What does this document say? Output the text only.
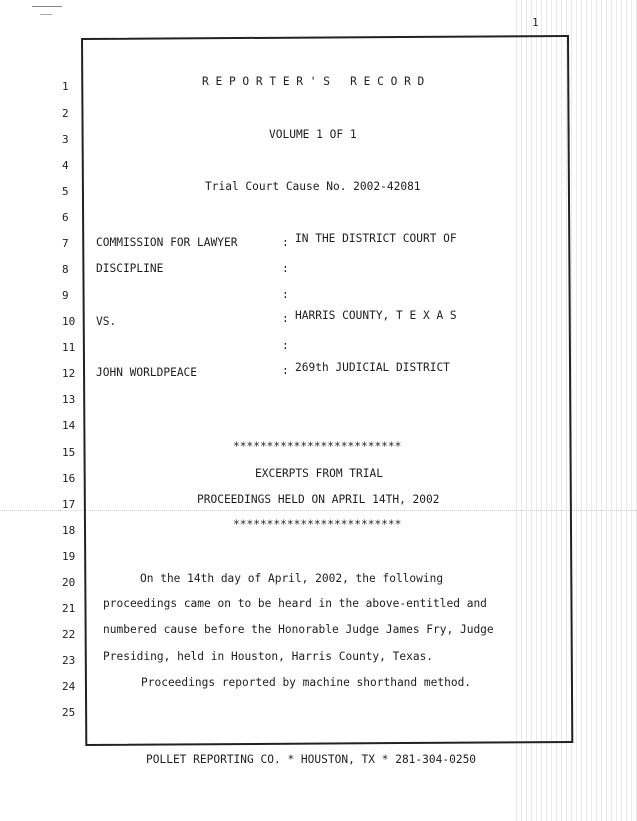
1
1
2
3
4
5
6
7
8
9
10
11
12
13
14
15
16
17
18
19
20
21
22
23
24
25
R E P O R T E R ' S   R E C O R D
VOLUME 1 OF 1
Trial Court Cause No. 2002-42081
COMMISSION FOR LAWYER	: IN THE DISTRICT COURT OF
DISCIPLINE	:
:
VS.	: HARRIS COUNTY, T E X A S
:
JOHN WORLDPEACE	: 269th JUDICIAL DISTRICT
*************************
EXCERPTS FROM TRIAL
PROCEEDINGS HELD ON APRIL 14TH, 2002
*************************
On the 14th day of April, 2002, the following
proceedings came on to be heard in the above-entitled and
numbered cause before the Honorable Judge James Fry, Judge
Presiding, held in Houston, Harris County, Texas.
Proceedings reported by machine shorthand method.
POLLET REPORTING CO. * HOUSTON, TX * 281-304-0250
